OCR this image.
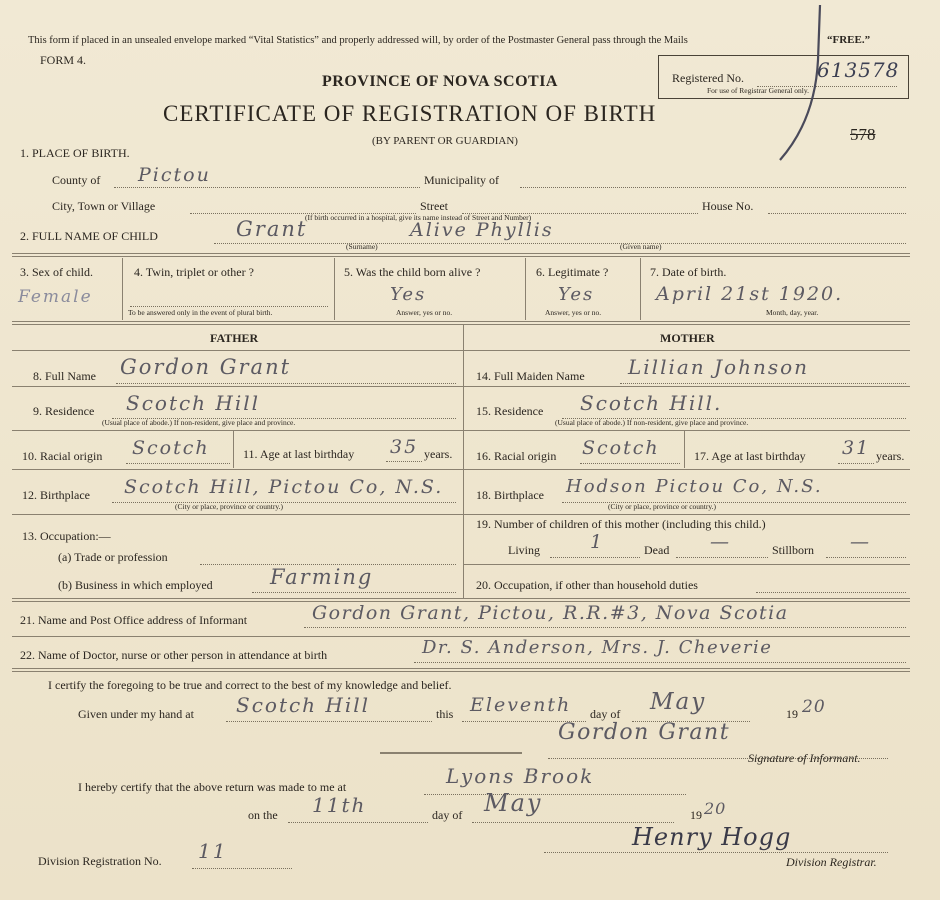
This form if placed in an unsealed envelope marked “Vital Statistics” and properly addressed will, by order of the Postmaster General pass through the Mails	“FREE.”
FORM 4.
Registered No.
For use of Registrar General only.
613578
578
PROVINCE OF NOVA SCOTIA
CERTIFICATE OF REGISTRATION OF BIRTH
(BY PARENT OR GUARDIAN)
1. PLACE OF BIRTH.
County of Pictou	Municipality of
City, Town or Village	Street	House No.
(If birth occurred in a hospital, give its name instead of Street and Number)
2. FULL NAME OF CHILD	Grant	Alive Phyllis
(Surname)	(Given name)
3. Sex of child.
Female
4. Twin, triplet or other ?
To be answered only in the event of plural birth.
5. Was the child born alive ?
Yes
Answer, yes or no.
6. Legitimate ?
Yes
Answer, yes or no.
7. Date of birth.
April 21st 1920.
Month, day, year.
FATHER	MOTHER
8. Full Name Gordon Grant
9. Residence Scotch Hill
(Usual place of abode.) If non-resident, give place and province.
10. Racial origin Scotch	11. Age at last birthday 35 years.
12. Birthplace Scotch Hill, Pictou Co, N.S.
(City or place, province or country.)
13. Occupation:—
(a) Trade or profession
(b) Business in which employed	Farming
14. Full Maiden Name Lillian Johnson
15. Residence Scotch Hill.
(Usual place of abode.) If non-resident, give place and province.
16. Racial origin Scotch	17. Age at last birthday 31 years.
18. Birthplace Hodson Pictou Co, N.S.
(City or place, province or country.)
19. Number of children of this mother (including this child.)
Living	1	Dead —	Stillborn —
20. Occupation, if other than household duties
21. Name and Post Office address of Informant	Gordon Grant, Pictou, R.R.#3, Nova Scotia
22. Name of Doctor, nurse or other person in attendance at birth	Dr. S. Anderson, Mrs. J. Cheverie
I certify the foregoing to be true and correct to the best of my knowledge and belief.
Given under my hand at Scotch Hill	this Eleventh day of May	19 20
Gordon Grant
Signature of Informant.
I hereby certify that the above return was made to me at	Lyons Brook
on the 11th	day of May	19 20
Division Registration No. 11	Henry Hogg
Division Registrar.
